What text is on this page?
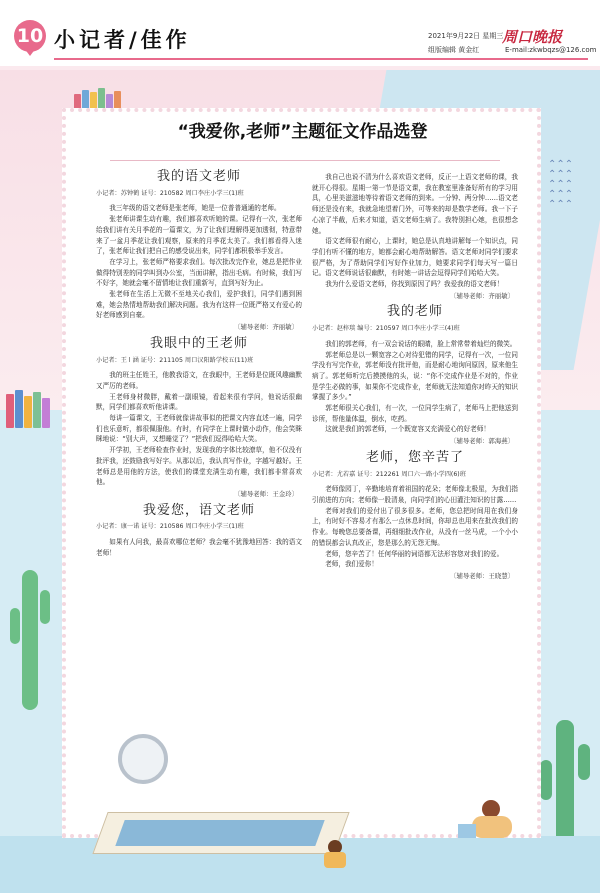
10 小记者/佳作	2021年9月22日 星期三
组版编辑 黄金红
周口晚报
E-mail:zkwbqzs@126.com
⌃⌃⌃
⌃⌃⌃
⌃⌃⌃
⌃⌃⌃
⌃⌃⌃
“我爱你,老师”主题征文作品选登
我的语文老师
小记者：苏钟鹤 证号：210582 周口李庄小学三(1)班

我三年级的语文老师是张老师，她是一位普普通通的老师。

张老师讲课生动有趣，我们都喜欢听她的课。记得有一次，张老师给我们讲有关月季花的一篇课文，为了让我们理解得更加透彻，特意带来了一盆月季花让我们观察，原来的月季花太美了。我们都看得入迷了，张老师让我们把自己的感受说出来，同学们都积极举手发言。

在学习上，张老师严格要求我们。每次批改完作业，她总是把作业做得特别差的同学叫到办公室，当面讲解，指出毛病。有时候，我们写不好字，她就会毫不留情地让我们重新写，直到写好为止。

张老师在生活上无微不至地关心我们，爱护我们，同学们遇到困难，她会热情地帮助我们解决问题。我为有这样一位既严格又有爱心的好老师感到自豪。

〔辅导老师：齐丽敏〕
我眼中的王老师
小记者：王 l 涵 证号：211105 周口汉阳路学校五(11)班

我的班主任姓王，他教我语文，在我眼中，王老师是位既风趣幽默又严厉的老师。

王老师身材微胖，戴着一副眼镜，看起来很有学问，他说话很幽默，同学们都喜欢听他讲课。

每讲一篇课文，王老师就像讲故事似的把课文内容直述一遍，同学们也乐意听，都很佩服他。有时，有同学在上课时做小动作，他会笑眯眯地说：“别大声，又想睡觉了？”把我们逗得哈哈大笑。

开学初，王老师检查作业时，发现我的字体比较潦草，他不仅没有批评我，还鼓励我写好字。从那以后，我认真写作业，字越写越好。王老师总是用他的方法，使我们的课堂充满生动有趣，我们都非常喜欢他。

〔辅导老师：王金玲〕
我爱您，语文老师
小记者：康一诺 证号：210586 周口李庄小学三(1)班

如果有人问我，最喜欢哪位老师？我会毫不犹豫地回答：我的语文老师！

我自己也说不清为什么喜欢语文老师，反正一上语文老师的课，我就开心得很。星期一第一节是语文课，我在教室里准备好所有的学习用具，心里美滋滋地等待着语文老师的到来。一分钟、两分钟……语文老师还是没有来，我就急地望着门外，可等来的却是数学老师。我一下子心凉了半截，后来才知道，语文老师生病了。我特别担心她，也很想念她。

语文老师很有耐心，上课时，她总是认真地讲解每一个知识点，同学们有听不懂的地方，她都会耐心地帮助解答。语文老师对同学们要求很严格，为了帮助同学们写好作业加力，她要求同学们每天写一篇日记。语文老师说话很幽默，有时她一讲话会逗得同学们哈哈大笑。

我为什么爱语文老师，你找到原因了吗？我爱我的语文老师！

〔辅导老师：齐丽敏〕
我的老师
小记者：赵梓琰 编号：210597 周口李庄小学三(4)班

我们的郭老师，有一双会说话的眼睛，脸上常常带着灿烂的微笑。

郭老师总是以一颗宽容之心对待犯错的同学，记得有一次，一位同学没有写完作业，郭老师没有批评他，而是耐心地询问原因，原来他生病了。郭老师听完后摸摸他的头，说：“你不完成作业是不对的，作业是学生必做的事，如果你不完成作业，老师就无法知道你对昨天的知识掌握了多少。”

郭老师很关心我们，有一次，一位同学生病了，老师马上把他送到诊所，帮他量体温，倒水，吃药。

这就是我们的郭老师，一个既宽容又充满爱心的好老师！

〔辅导老师：郭海燕〕
老师，您辛苦了
小记者：尤若嘉 证号：212261 周口六一路小学四(6)班

老师像园丁，辛勤地培育着祖国的花朵；老师像北极星，为我们指引前进的方向；老师像一股清泉，向同学们的心田灌注知识的甘露……

老师对我们的爱付出了很多很多。老师，您总把时间用在我们身上，有时好不容易才有那么一点休息时间，你却总也用来在批改我们的作业。每晚您总要备课，再细细批改作业，从没有一丝马虎，一个小小的错误都会认真改正，您是那么的无怨无悔。

老师，您辛苦了！任何华丽的词语都无法形容您对我们的爱。

老师，我们爱你！

〔辅导老师：王晓慧〕
